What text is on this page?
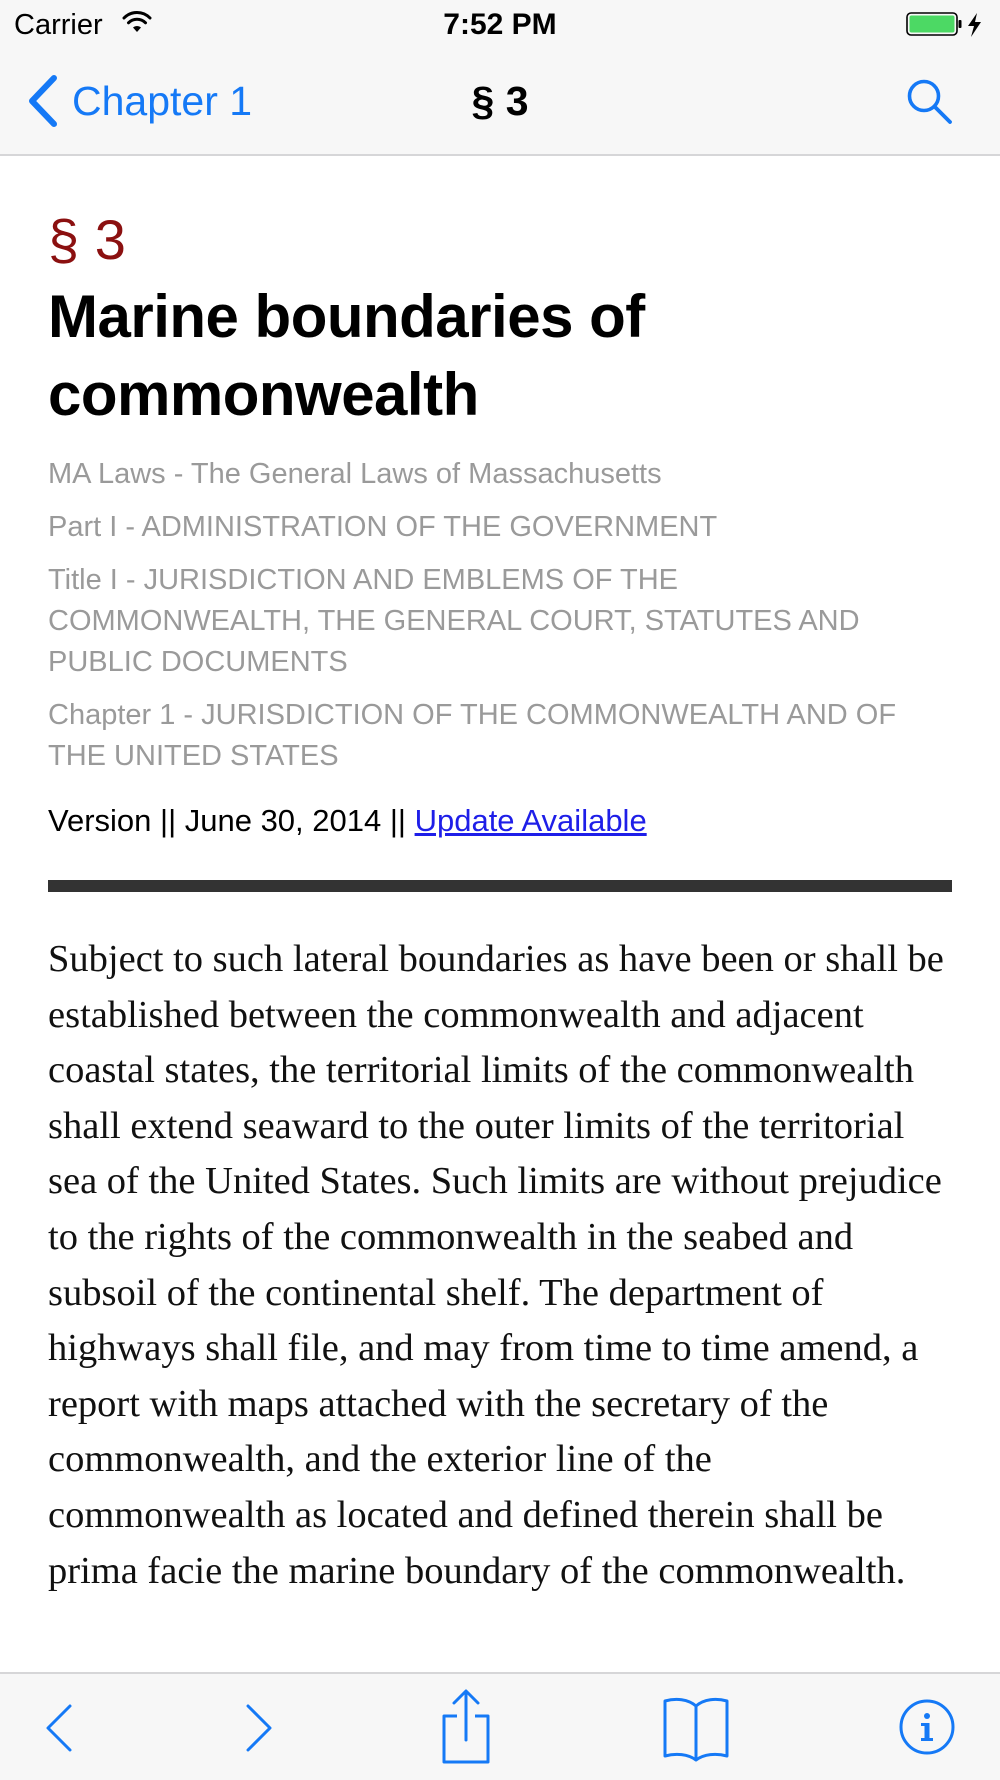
Carrier	7:52 PM
Chapter 1	§ 3
§ 3
Marine boundaries of commonwealth
MA Laws - The General Laws of Massachusetts
Part I - ADMINISTRATION OF THE GOVERNMENT
Title I - JURISDICTION AND EMBLEMS OF THE COMMONWEALTH, THE GENERAL COURT, STATUTES AND PUBLIC DOCUMENTS
Chapter 1 - JURISDICTION OF THE COMMONWEALTH AND OF THE UNITED STATES
Version || June 30, 2014 || Update Available

Subject to such lateral boundaries as have been or shall be established between the commonwealth and adjacent coastal states, the territorial limits of the commonwealth shall extend seaward to the outer limits of the territorial sea of the United States. Such limits are without prejudice to the rights of the commonwealth in the seabed and subsoil of the continental shelf. The department of highways shall file, and may from time to time amend, a report with maps attached with the secretary of the commonwealth, and the exterior line of the commonwealth as located and defined therein shall be prima facie the marine boundary of the commonwealth.
